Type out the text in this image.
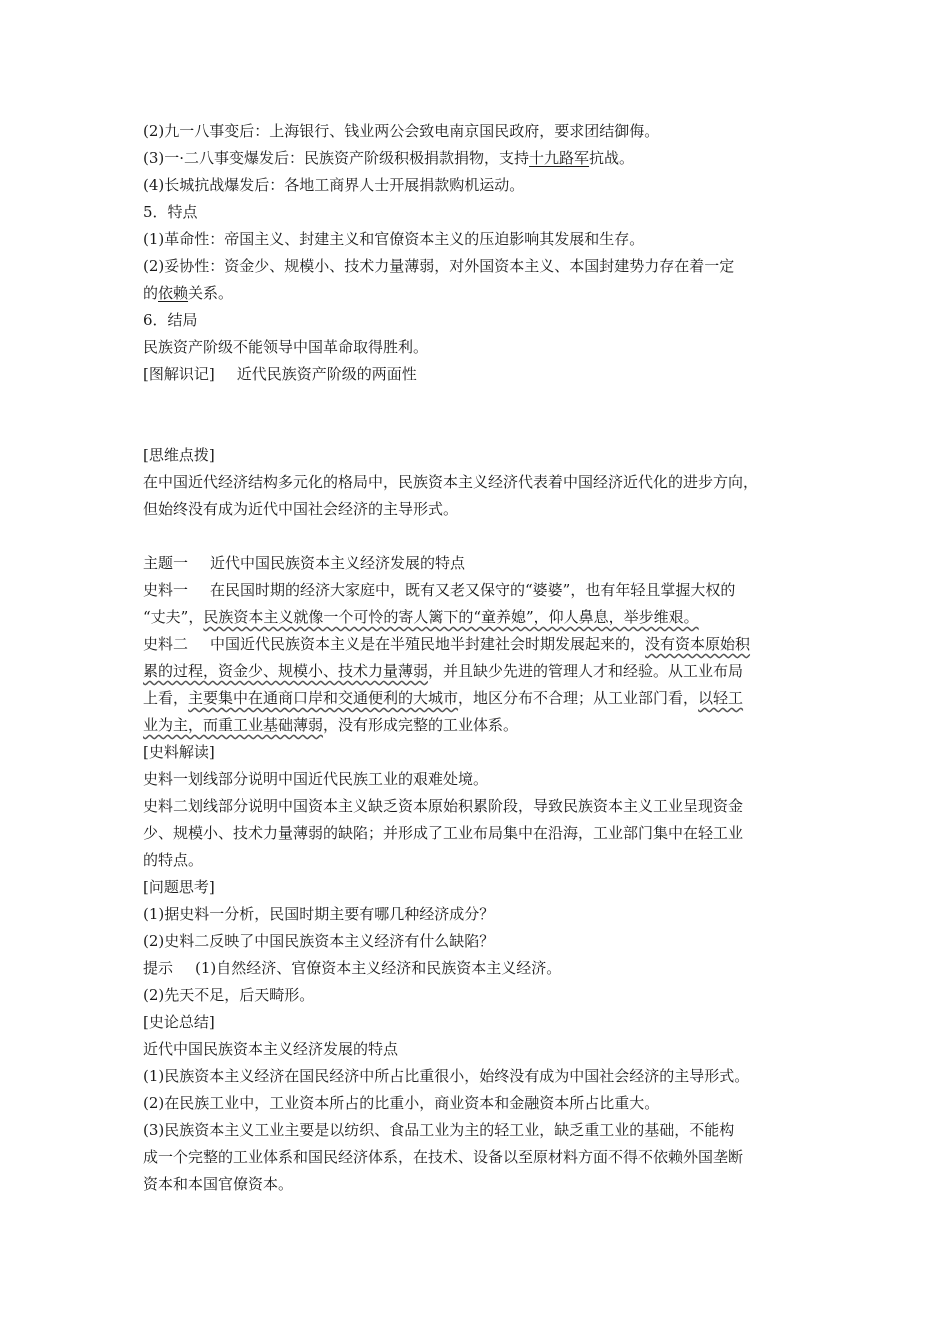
(2)九一八事变后：上海银行、钱业两公会致电南京国民政府，要求团结御侮。
(3)一·二八事变爆发后：民族资产阶级积极捐款捐物，支持十九路军抗战。
(4)长城抗战爆发后：各地工商界人士开展捐款购机运动。
5．特点
(1)革命性：帝国主义、封建主义和官僚资本主义的压迫影响其发展和生存。
(2)妥协性：资金少、规模小、技术力量薄弱，对外国资本主义、本国封建势力存在着一定
的依赖关系。
6．结局
民族资产阶级不能领导中国革命取得胜利。
[图解识记] 近代民族资产阶级的两面性
[思维点拨]
在中国近代经济结构多元化的格局中，民族资本主义经济代表着中国经济近代化的进步方向，
但始终没有成为近代中国社会经济的主导形式。
主题一 近代中国民族资本主义经济发展的特点
史料一 在民国时期的经济大家庭中，既有又老又保守的“婆婆”，也有年轻且掌握大权的
“丈夫”，民族资本主义就像一个可怜的寄人篱下的“童养媳”，仰人鼻息，举步维艰。
史料二 中国近代民族资本主义是在半殖民地半封建社会时期发展起来的，没有资本原始积
累的过程，资金少、规模小、技术力量薄弱，并且缺少先进的管理人才和经验。从工业布局
上看，主要集中在通商口岸和交通便利的大城市，地区分布不合理；从工业部门看，以轻工
业为主，而重工业基础薄弱，没有形成完整的工业体系。
[史料解读]
史料一划线部分说明中国近代民族工业的艰难处境。
史料二划线部分说明中国资本主义缺乏资本原始积累阶段，导致民族资本主义工业呈现资金
少、规模小、技术力量薄弱的缺陷；并形成了工业布局集中在沿海，工业部门集中在轻工业
的特点。
[问题思考]
(1)据史料一分析，民国时期主要有哪几种经济成分？
(2)史料二反映了中国民族资本主义经济有什么缺陷？
提示 (1)自然经济、官僚资本主义经济和民族资本主义经济。
(2)先天不足，后天畸形。
[史论总结]
近代中国民族资本主义经济发展的特点
(1)民族资本主义经济在国民经济中所占比重很小，始终没有成为中国社会经济的主导形式。
(2)在民族工业中，工业资本所占的比重小，商业资本和金融资本所占比重大。
(3)民族资本主义工业主要是以纺织、食品工业为主的轻工业，缺乏重工业的基础，不能构
成一个完整的工业体系和国民经济体系，在技术、设备以至原材料方面不得不依赖外国垄断
资本和本国官僚资本。
